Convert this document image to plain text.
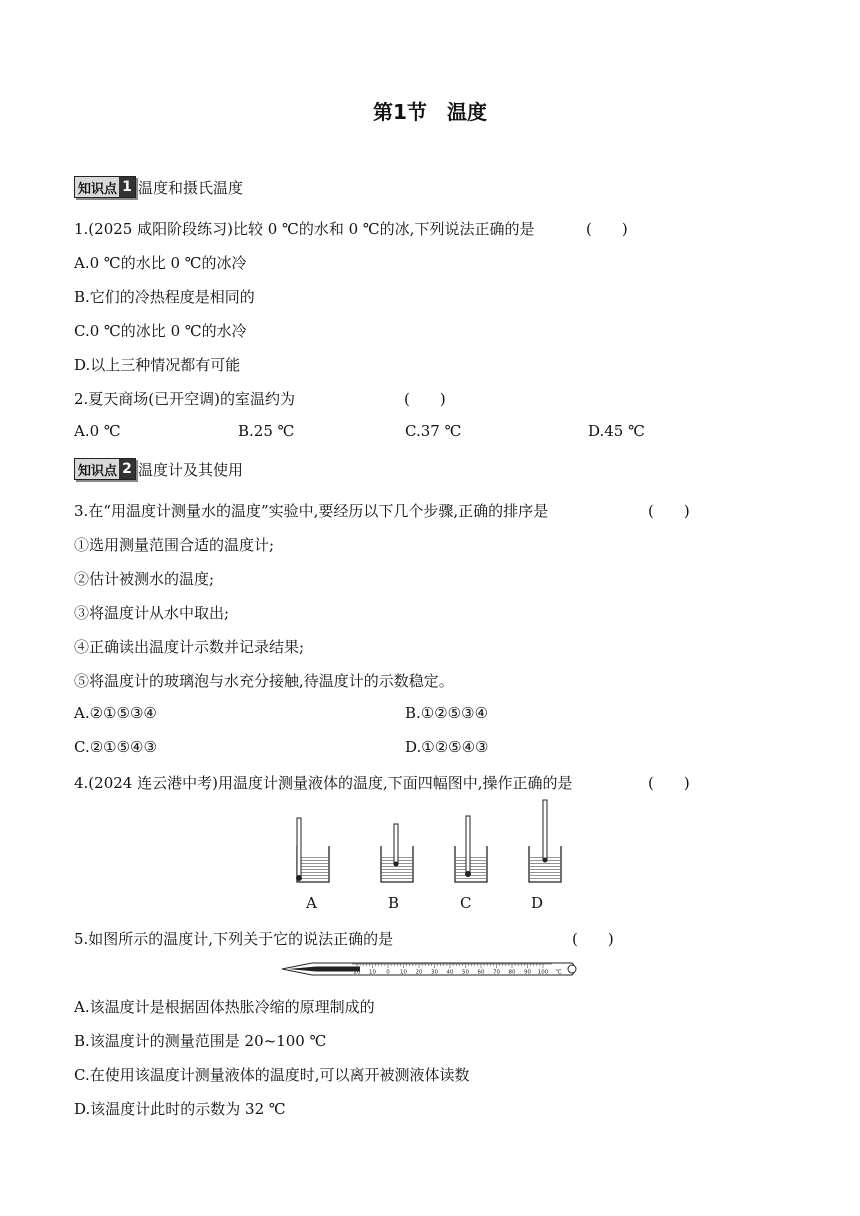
第1节　温度
知识点 1 温度和摄氏温度
1.(2025 咸阳阶段练习)比较 0 ℃的水和 0 ℃的冰,下列说法正确的是	(　　)
A.0 ℃的水比 0 ℃的冰冷
B.它们的冷热程度是相同的
C.0 ℃的冰比 0 ℃的水冷
D.以上三种情况都有可能
2.夏天商场(已开空调)的室温约为	(　　)
A.0 ℃	B.25 ℃	C.37 ℃	D.45 ℃
知识点 2 温度计及其使用
3.在“用温度计测量水的温度”实验中,要经历以下几个步骤,正确的排序是	(　　)
①选用测量范围合适的温度计;
②估计被测水的温度;
③将温度计从水中取出;
④正确读出温度计示数并记录结果;
⑤将温度计的玻璃泡与水充分接触,待温度计的示数稳定。
A.②①⑤③④	B.①②⑤③④
C.②①⑤④③	D.①②⑤④③
4.(2024 连云港中考)用温度计测量液体的温度,下面四幅图中,操作正确的是	(　　)
A	B	C	D
5.如图所示的温度计,下列关于它的说法正确的是	(　　)
20 10 0 10 20 30 40 50 60 70 80 90 100 ℃
A.该温度计是根据固体热胀冷缩的原理制成的
B.该温度计的测量范围是 20~100 ℃
C.在使用该温度计测量液体的温度时,可以离开被测液体读数
D.该温度计此时的示数为 32 ℃
